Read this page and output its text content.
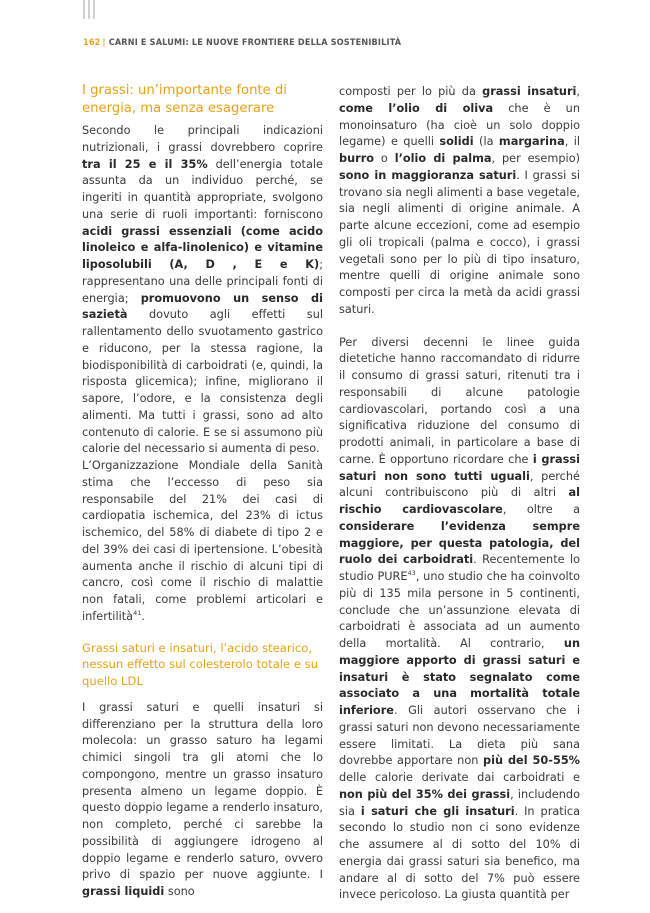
162 | CARNI E SALUMI: LE NUOVE FRONTIERE DELLA SOSTENIBILITÀ

I grassi: un’importante fonte di energia, ma senza esagerare

Secondo le principali indicazioni nutrizionali, i grassi dovrebbero coprire tra il 25 e il 35% dell’energia totale assunta da un individuo perché, se ingeriti in quantità appropriate, svolgono una serie di ruoli importanti: forniscono acidi grassi essenziali (come acido linoleico e alfa-linolenico) e vitamine liposolubili (A, D , E e K); rappresentano una delle principali fonti di energia; promuovono un senso di sazietà dovuto agli effetti sul rallentamento dello svuotamento gastrico e riducono, per la stessa ragione, la biodisponibilità di carboidrati (e, quindi, la risposta glicemica); infine, migliorano il sapore, l’odore, e la consistenza degli alimenti. Ma tutti i grassi, sono ad alto contenuto di calorie. E se si assumono più calorie del necessario si aumenta di peso.

L’Organizzazione Mondiale della Sanità stima che l’eccesso di peso sia responsabile del 21% dei casi di cardiopatia ischemica, del 23% di ictus ischemico, del 58% di diabete di tipo 2 e del 39% dei casi di ipertensione. L’obesità aumenta anche il rischio di alcuni tipi di cancro, così come il rischio di malattie non fatali, come problemi articolari e infertilità$^{41}$.

Grassi saturi e insaturi, l’acido stearico, nessun effetto sul colesterolo totale e su quello LDL

I grassi saturi e quelli insaturi si differenziano per la struttura della loro molecola: un grasso saturo ha legami chimici singoli tra gli atomi che lo compongono, mentre un grasso insaturo presenta almeno un legame doppio. È questo doppio legame a renderlo insaturo, non completo, perché ci sarebbe la possibilità di aggiungere idrogeno al doppio legame e renderlo saturo, ovvero privo di spazio per nuove aggiunte. I grassi liquidi sono

composti per lo più da grassi insaturi, come l’olio di oliva che è un monoinsaturo (ha cioè un solo doppio legame) e quelli solidi (la margarina, il burro o l’olio di palma, per esempio) sono in maggioranza saturi. I grassi si trovano sia negli alimenti a base vegetale, sia negli alimenti di origine animale. A parte alcune eccezioni, come ad esempio gli oli tropicali (palma e cocco), i grassi vegetali sono per lo più di tipo insaturo, mentre quelli di origine animale sono composti per circa la metà da acidi grassi saturi.

Per diversi decenni le linee guida dietetiche hanno raccomandato di ridurre il consumo di grassi saturi, ritenuti tra i responsabili di alcune patologie cardiovascolari, portando così a una significativa riduzione del consumo di prodotti animali, in particolare a base di carne. È opportuno ricordare che i grassi saturi non sono tutti uguali, perché alcuni contribuiscono più di altri al rischio cardiovascolare, oltre a considerare l’evidenza sempre maggiore, per questa patologia, del ruolo dei carboidrati. Recentemente lo studio PURE$^{43}$, uno studio che ha coinvolto più di 135 mila persone in 5 continenti, conclude che un’assunzione elevata di carboidrati è associata ad un aumento della mortalità. Al contrario, un maggiore apporto di grassi saturi e insaturi è stato segnalato come associato a una mortalità totale inferiore. Gli autori osservano che i grassi saturi non devono necessariamente essere limitati. La dieta più sana dovrebbe apportare non più del 50-55% delle calorie derivate dai carboidrati e non più del 35% dei grassi, includendo sia i saturi che gli insaturi. In pratica secondo lo studio non ci sono evidenze che assumere al di sotto del 10% di energia dai grassi saturi sia benefico, ma andare al di sotto del 7% può essere invece pericoloso. La giusta quantità per
